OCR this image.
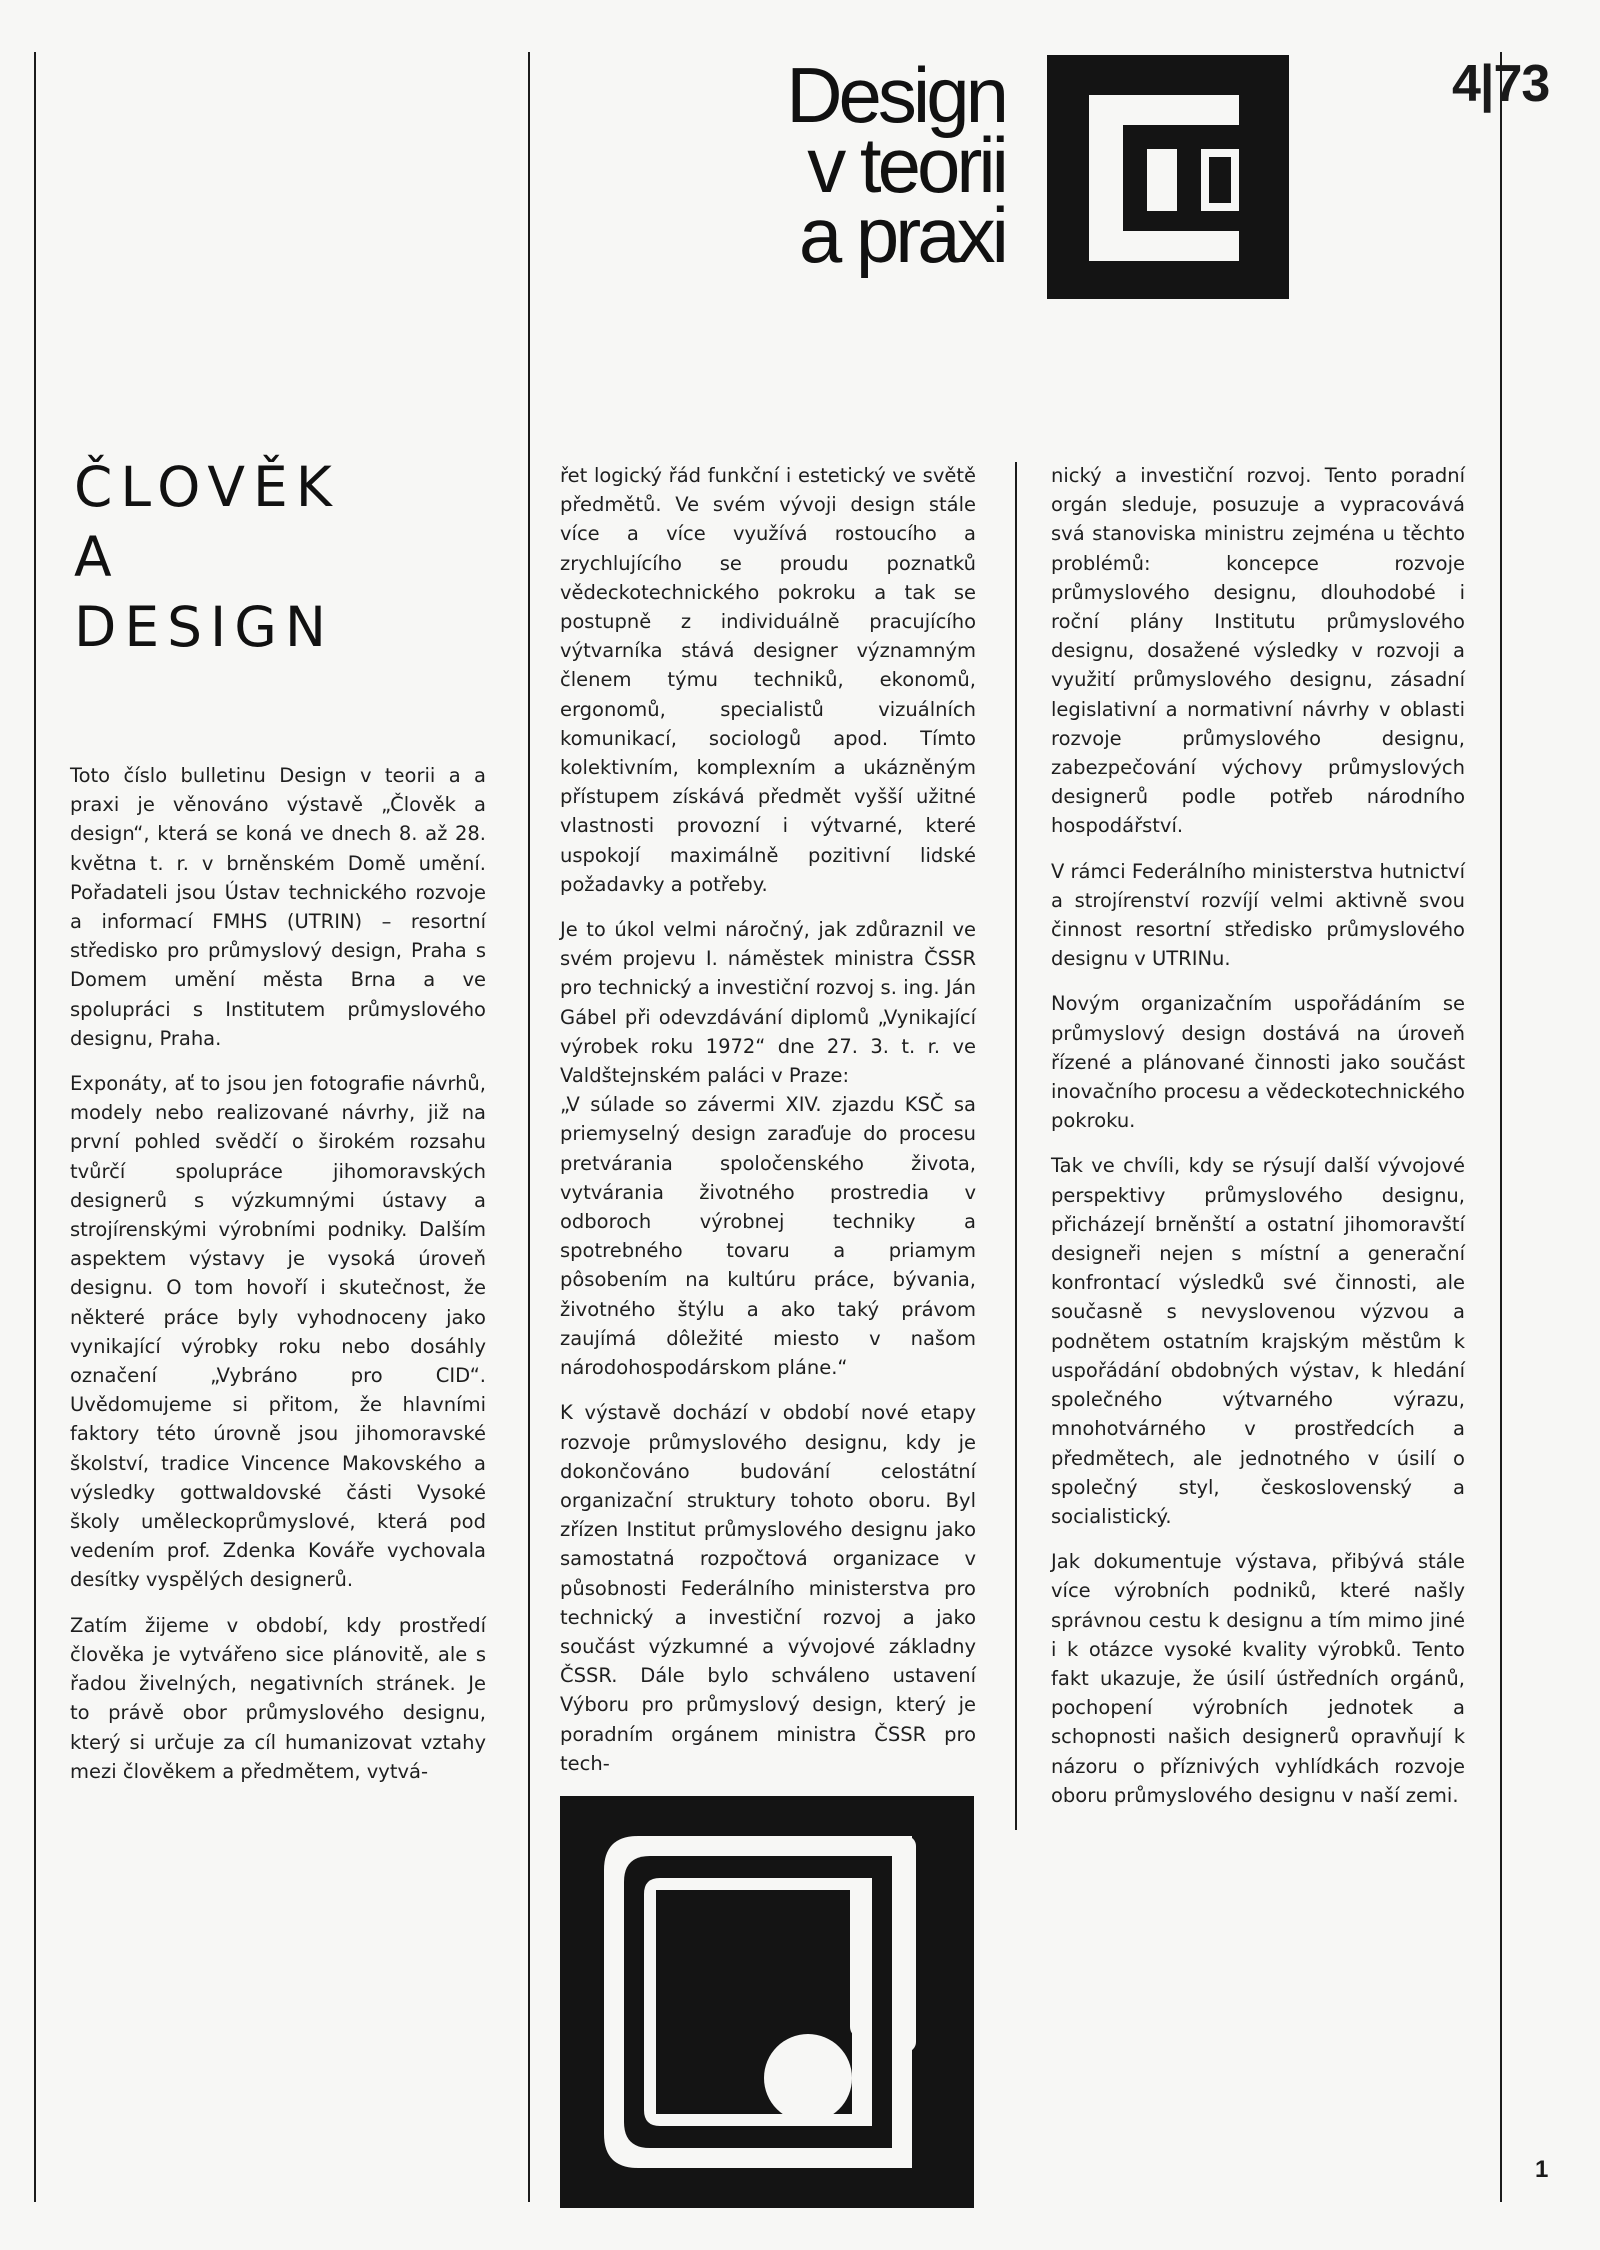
4|73
Design
v teorii
a praxi
ČLOVĚK
A
DESIGN

Toto číslo bulletinu Design v teorii a a praxi je věnováno výstavě „Člověk a design“, která se koná ve dnech 8. až 28. května t. r. v brněnském Domě umění. Pořadateli jsou Ústav technického rozvoje a informací FMHS (UTRIN) – resortní středisko pro průmyslový design, Praha s Domem umění města Brna a ve spolupráci s Institutem průmyslového designu, Praha.

Exponáty, ať to jsou jen fotografie návrhů, modely nebo realizované návrhy, již na první pohled svědčí o širokém rozsahu tvůrčí spolupráce jihomoravských designerů s výzkumnými ústavy a strojírenskými výrobními podniky. Dalším aspektem výstavy je vysoká úroveň designu. O tom hovoří i skutečnost, že některé práce byly vyhodnoceny jako vynikající výrobky roku nebo dosáhly označení „Vybráno pro CID“. Uvědomujeme si přitom, že hlavními faktory této úrovně jsou jihomoravské školství, tradice Vincence Makovského a výsledky gottwaldovské části Vysoké školy uměleckoprůmyslové, která pod vedením prof. Zdenka Kováře vychovala desítky vyspělých designerů.

Zatím žijeme v období, kdy prostředí člověka je vytvářeno sice plánovitě, ale s řadou živelných, negativních stránek. Je to právě obor průmyslového designu, který si určuje za cíl humanizovat vztahy mezi člověkem a předmětem, vytvá-

řet logický řád funkční i estetický ve světě předmětů. Ve svém vývoji design stále více a více využívá rostoucího a zrychlujícího se proudu poznatků vědeckotechnického pokroku a tak se postupně z individuálně pracujícího výtvarníka stává designer významným členem týmu techniků, ekonomů, ergonomů, specialistů vizuálních komunikací, sociologů apod. Tímto kolektivním, komplexním a ukázněným přístupem získává předmět vyšší užitné vlastnosti provozní i výtvarné, které uspokojí maximálně pozitivní lidské požadavky a potřeby.

Je to úkol velmi náročný, jak zdůraznil ve svém projevu I. náměstek ministra ČSSR pro technický a investiční rozvoj s. ing. Ján Gábel při odevzdávání diplomů „Vynikající výrobek roku 1972“ dne 27. 3. t. r. ve Valdštejnském paláci v Praze:

„V súlade so závermi XIV. zjazdu KSČ sa priemyselný design zaraďuje do procesu pretvárania spoločenského života, vytvárania životného prostredia v odboroch výrobnej techniky a spotrebného tovaru a priamym pôsobením na kultúru práce, bývania, životného štýlu a ako taký právom zaujímá dôležité miesto v našom národohospodárskom pláne.“

K výstavě dochází v období nové etapy rozvoje průmyslového designu, kdy je dokončováno budování celostátní organizační struktury tohoto oboru. Byl zřízen Institut průmyslového designu jako samostatná rozpočtová organizace v působnosti Federálního ministerstva pro technický a investiční rozvoj a jako součást výzkumné a vývojové základny ČSSR. Dále bylo schváleno ustavení Výboru pro průmyslový design, který je poradním orgánem ministra ČSSR pro tech-

nický a investiční rozvoj. Tento poradní orgán sleduje, posuzuje a vypracovává svá stanoviska ministru zejména u těchto problémů: koncepce rozvoje průmyslového designu, dlouhodobé i roční plány Institutu průmyslového designu, dosažené výsledky v rozvoji a využití průmyslového designu, zásadní legislativní a normativní návrhy v oblasti rozvoje průmyslového designu, zabezpečování výchovy průmyslových designerů podle potřeb národního hospodářství.

V rámci Federálního ministerstva hutnictví a strojírenství rozvíjí velmi aktivně svou činnost resortní středisko průmyslového designu v UTRINu.

Novým organizačním uspořádáním se průmyslový design dostává na úroveň řízené a plánované činnosti jako součást inovačního procesu a vědeckotechnického pokroku.

Tak ve chvíli, kdy se rýsují další vývojové perspektivy průmyslového designu, přicházejí brněnští a ostatní jihomoravští designeři nejen s místní a generační konfrontací výsledků své činnosti, ale současně s nevyslovenou výzvou a podnětem ostatním krajským městům k uspořádání obdobných výstav, k hledání společného výtvarného výrazu, mnohotvárného v prostředcích a předmětech, ale jednotného v úsilí o společný styl, československý a socialistický.

Jak dokumentuje výstava, přibývá stále více výrobních podniků, které našly správnou cestu k designu a tím mimo jiné i k otázce vysoké kvality výrobků. Tento fakt ukazuje, že úsilí ústředních orgánů, pochopení výrobních jednotek a schopnosti našich designerů opravňují k názoru o příznivých vyhlídkách rozvoje oboru průmyslového designu v naší zemi.

1
